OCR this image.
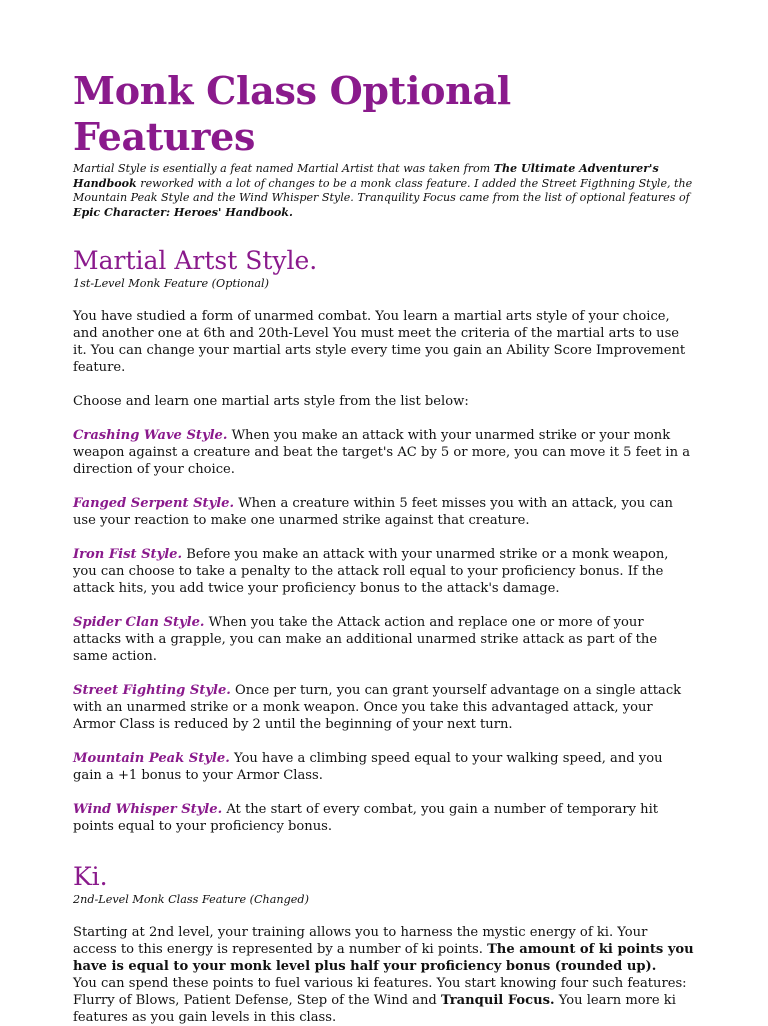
Monk Class Optional Features

Martial Style is esentially a feat named Martial Artist that was taken from The Ultimate Adventurer's Handbook reworked with a lot of changes to be a monk class feature. I added the Street Figthning Style, the Mountain Peak Style and the Wind Whisper Style. Tranquility Focus came from the list of optional features of Epic Character: Heroes' Handbook.

Martial Artst Style.

1st-Level Monk Feature (Optional)

You have studied a form of unarmed combat. You learn a martial arts style of your choice, and another one at 6th and 20th-Level You must meet the criteria of the martial arts to use it. You can change your martial arts style every time you gain an Ability Score Improvement feature.

Choose and learn one martial arts style from the list below:

Crashing Wave Style. When you make an attack with your unarmed strike or your monk weapon against a creature and beat the target's AC by 5 or more, you can move it 5 feet in a direction of your choice.

Fanged Serpent Style. When a creature within 5 feet misses you with an attack, you can use your reaction to make one unarmed strike against that creature.

Iron Fist Style. Before you make an attack with your unarmed strike or a monk weapon, you can choose to take a penalty to the attack roll equal to your proficiency bonus. If the attack hits, you add twice your proficiency bonus to the attack's damage.

Spider Clan Style. When you take the Attack action and replace one or more of your attacks with a grapple, you can make an additional unarmed strike attack as part of the same action.

Street Fighting Style. Once per turn, you can grant yourself advantage on a single attack with an unarmed strike or a monk weapon. Once you take this advantaged attack, your Armor Class is reduced by 2 until the beginning of your next turn.

Mountain Peak Style. You have a climbing speed equal to your walking speed, and you gain a +1 bonus to your Armor Class.

Wind Whisper Style. At the start of every combat, you gain a number of temporary hit points equal to your proficiency bonus.

Ki.

2nd-Level Monk Class Feature (Changed)

Starting at 2nd level, your training allows you to harness the mystic energy of ki. Your access to this energy is represented by a number of ki points. The amount of ki points you have is equal to your monk level plus half your proficiency bonus (rounded up).

You can spend these points to fuel various ki features. You start knowing four such features: Flurry of Blows, Patient Defense, Step of the Wind and Tranquil Focus. You learn more ki features as you gain levels in this class.
